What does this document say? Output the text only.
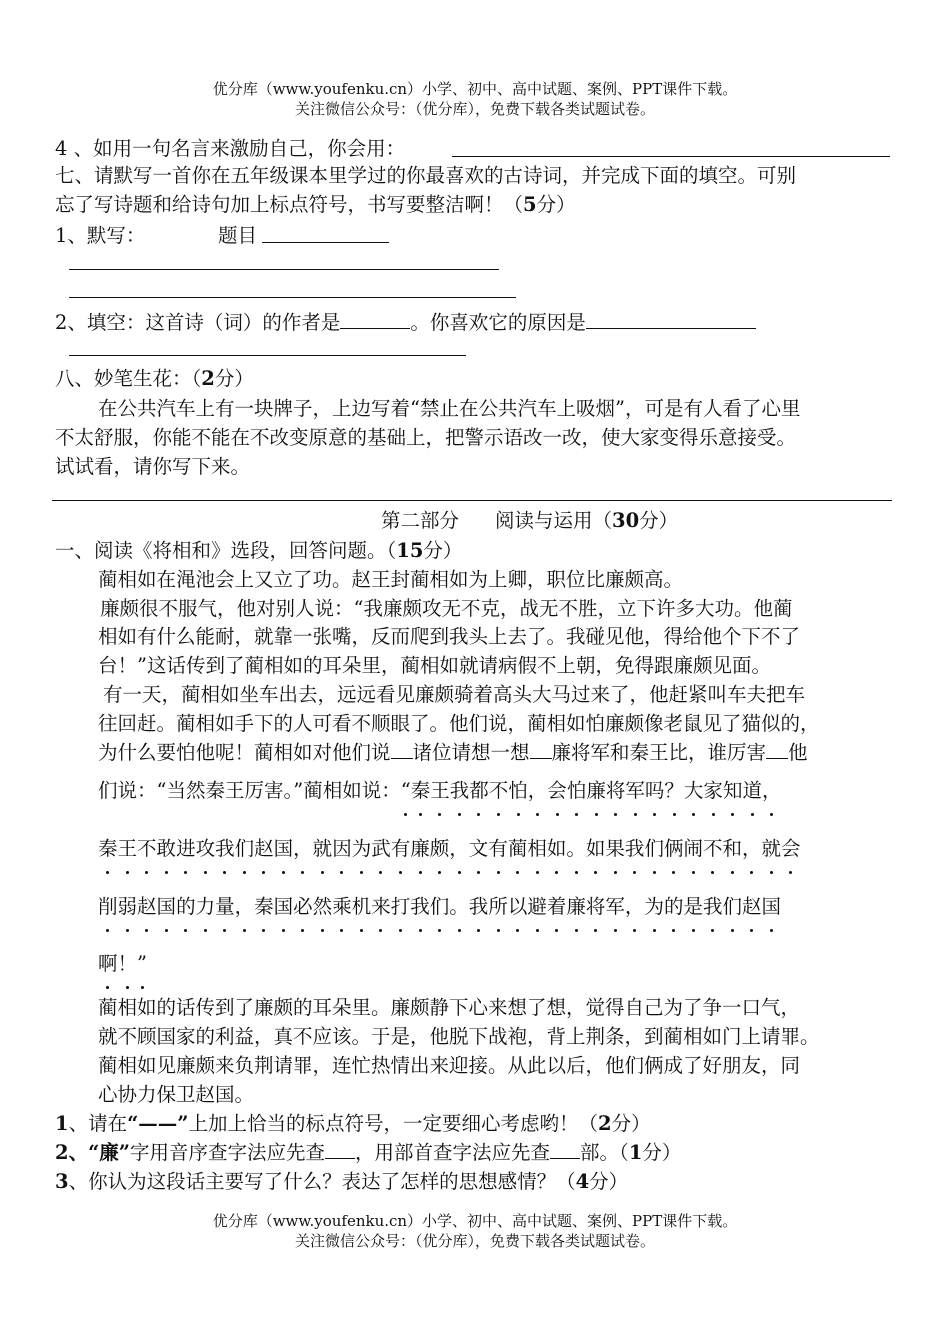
优分库（www.youfenku.cn）小学、初中、高中试题、案例、PPT课件下载。
关注微信公众号：（优分库），免费下载各类试题试卷。
4 、如用一句名言来激励自己，你会用：
七、请默写一首你在五年级课本里学过的你最喜欢的古诗词，并完成下面的填空。可别
忘了写诗题和给诗句加上标点符号，书写要整洁啊！（5分）
1、默写：	题目
2、填空：这首诗（词）的作者是	。你喜欢它的原因是
八、妙笔生花：（2分）
在公共汽车上有一块牌子，上边写着“禁止在公共汽车上吸烟”，可是有人看了心里
不太舒服，你能不能在不改变原意的基础上，把警示语改一改，使大家变得乐意接受。
试试看，请你写下来。
第二部分 阅读与运用（30分）
一、阅读《将相和》选段，回答问题。（15分）
蔺相如在渑池会上又立了功。赵王封蔺相如为上卿，职位比廉颇高。
廉颇很不服气，他对别人说：“我廉颇攻无不克，战无不胜，立下许多大功。他蔺
相如有什么能耐，就靠一张嘴，反而爬到我头上去了。我碰见他，得给他个下不了
台！”这话传到了蔺相如的耳朵里，蔺相如就请病假不上朝，免得跟廉颇见面。
有一天，蔺相如坐车出去，远远看见廉颇骑着高头大马过来了，他赶紧叫车夫把车
往回赶。蔺相如手下的人可看不顺眼了。他们说，蔺相如怕廉颇像老鼠见了猫似的，
为什么要怕他呢！蔺相如对他们说 诸位请想一想 廉将军和秦王比，谁厉害 他
们说：“当然秦王厉害。”蔺相如说：“秦王我都不怕，会怕廉将军吗？大家知道，
秦王不敢进攻我们赵国，就因为武有廉颇，文有蔺相如。如果我们俩闹不和，就会
削弱赵国的力量，秦国必然乘机来打我们。我所以避着廉将军，为的是我们赵国
啊！”
蔺相如的话传到了廉颇的耳朵里。廉颇静下心来想了想，觉得自己为了争一口气，
就不顾国家的利益，真不应该。于是，他脱下战袍，背上荆条，到蔺相如门上请罪。
蔺相如见廉颇来负荆请罪，连忙热情出来迎接。从此以后，他们俩成了好朋友，同
心协力保卫赵国。
1、请在“——”上加上恰当的标点符号，一定要细心考虑哟！（2分）
2、“廉”字用音序查字法应先查 ，用部首查字法应先查 部。（1分）
3、你认为这段话主要写了什么？表达了怎样的思想感情？（4分）
优分库（www.youfenku.cn）小学、初中、高中试题、案例、PPT课件下载。
关注微信公众号：（优分库），免费下载各类试题试卷。
